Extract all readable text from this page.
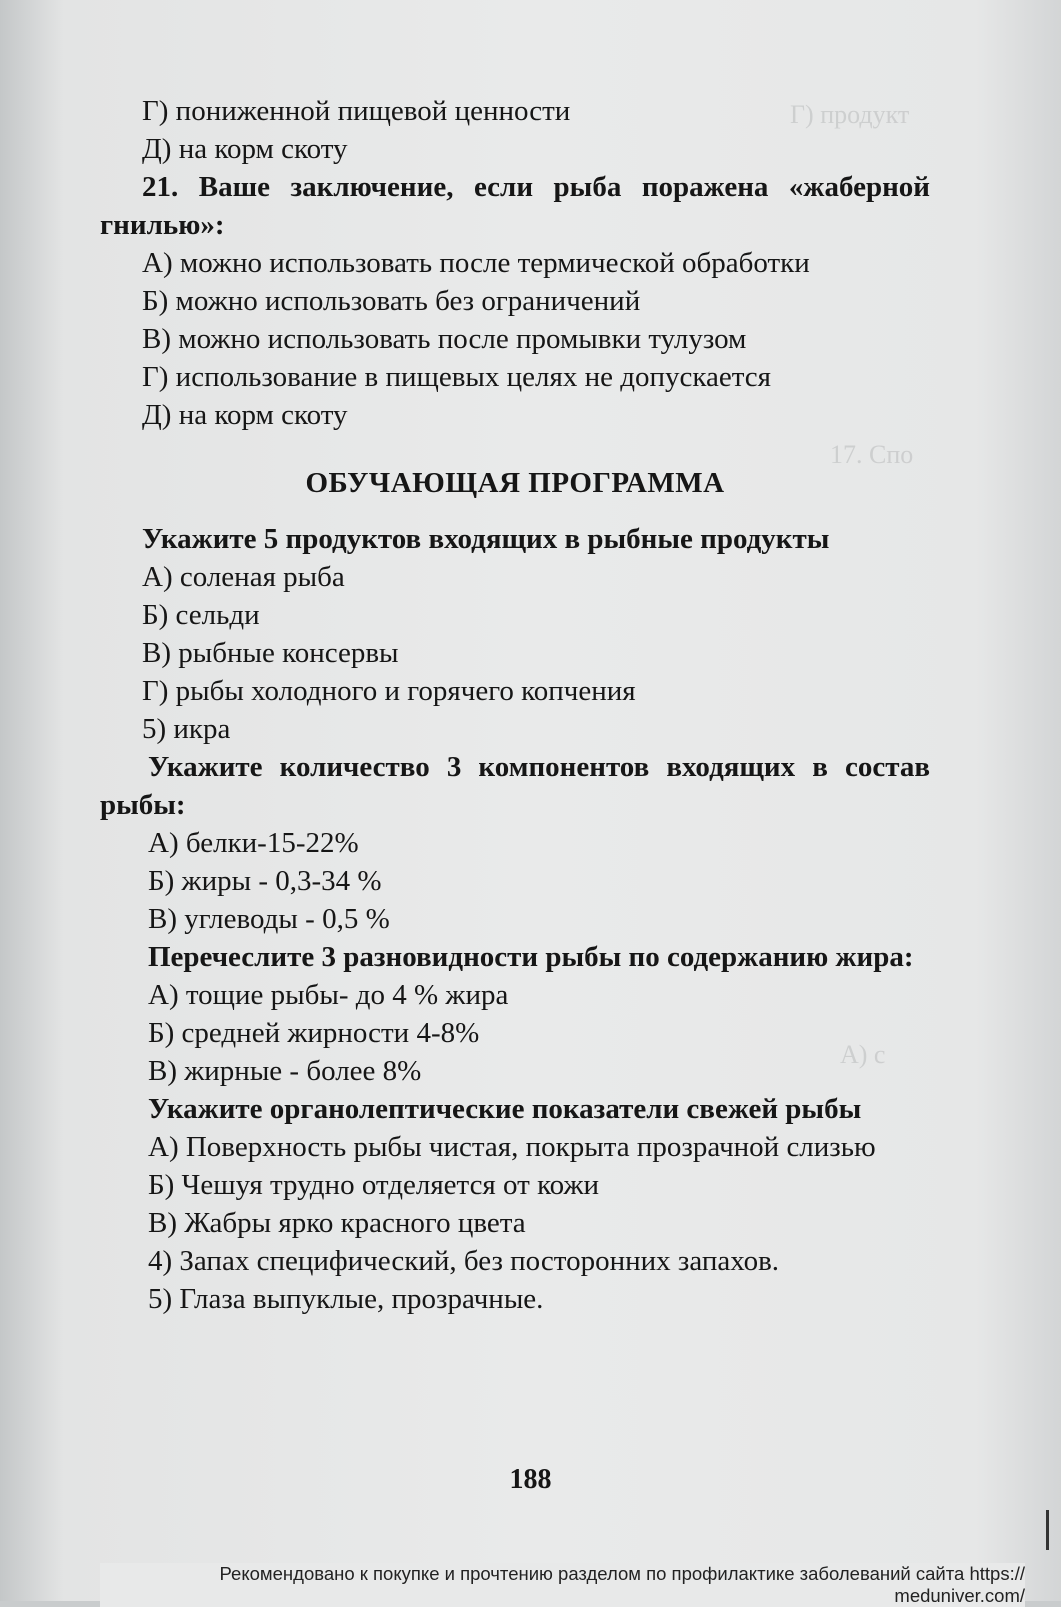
Г) продукт
17. Спо
А) с
Г) пониженной пищевой ценности
Д) на корм скоту
21. Ваше заключение, если рыба поражена «жаберной гнилью»:
А) можно использовать после термической обработки
Б) можно использовать без ограничений
В) можно использовать после промывки тулузом
Г) использование в пищевых целях не допускается
Д) на корм скоту
ОБУЧАЮЩАЯ ПРОГРАММА
Укажите 5 продуктов входящих в рыбные продукты
А) соленая рыба
Б) сельди
В) рыбные консервы
Г) рыбы холодного и горячего копчения
5) икра
Укажите количество 3 компонентов входящих в состав рыбы:
А) белки-15-22%
Б) жиры - 0,3-34 %
В) углеводы - 0,5 %
Перечеслите 3 разновидности рыбы по содержанию жира:
А) тощие рыбы- до 4 % жира
Б) средней жирности 4-8%
В) жирные - более 8%
Укажите органолептические показатели свежей рыбы
А) Поверхность рыбы чистая, покрыта прозрачной слизью
Б) Чешуя трудно отделяется от кожи
В) Жабры ярко красного цвета
4) Запах специфический, без посторонних запахов.
5) Глаза выпуклые, прозрачные.
188
Рекомендовано к покупке и прочтению разделом по профилактике заболеваний сайта https://
meduniver.com/
